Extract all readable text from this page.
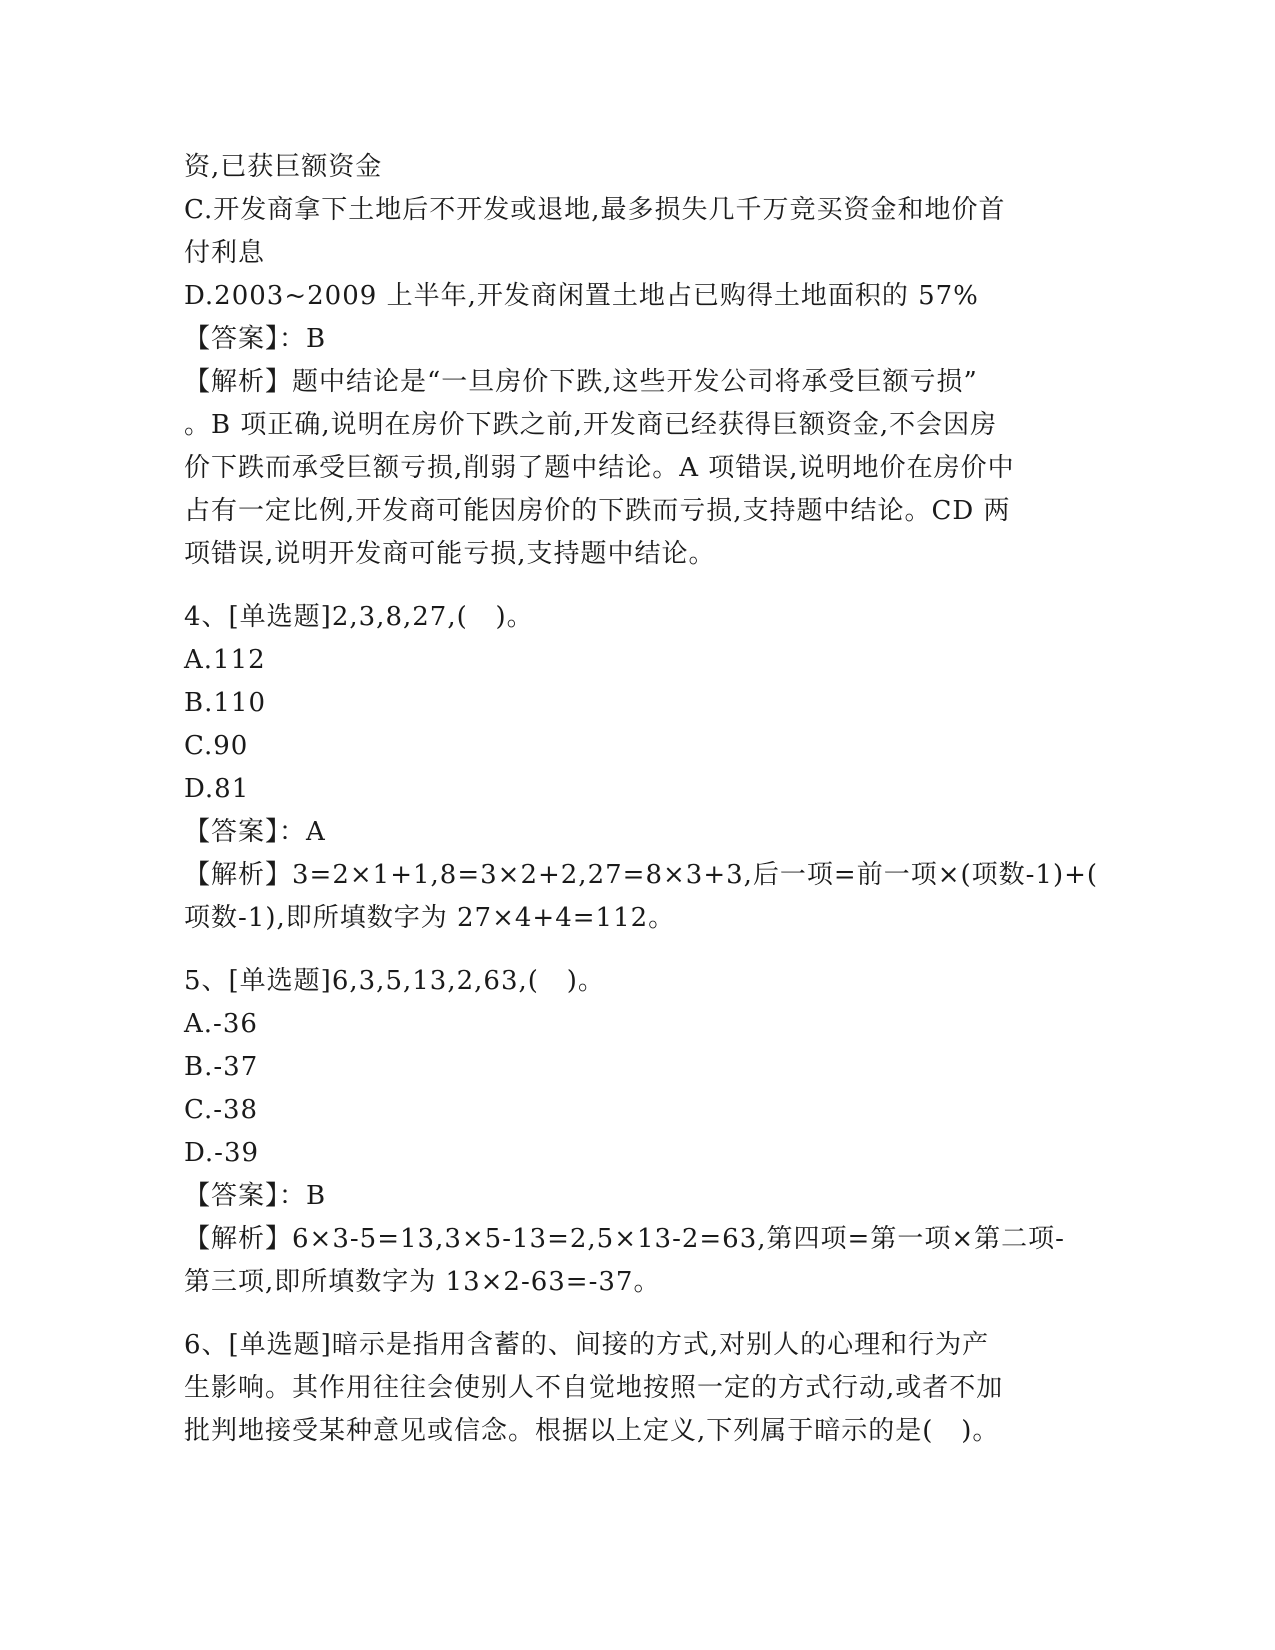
资,已获巨额资金
C.开发商拿下土地后不开发或退地,最多损失几千万竞买资金和地价首
付利息
D.2003~2009 上半年,开发商闲置土地占已购得土地面积的 57%
【答案】：B
【解析】题中结论是“一旦房价下跌,这些开发公司将承受巨额亏损”
。B 项正确,说明在房价下跌之前,开发商已经获得巨额资金,不会因房
价下跌而承受巨额亏损,削弱了题中结论。A 项错误,说明地价在房价中
占有一定比例,开发商可能因房价的下跌而亏损,支持题中结论。CD 两
项错误,说明开发商可能亏损,支持题中结论。
4、[单选题]2,3,8,27,(   )。
A.112
B.110
C.90
D.81
【答案】：A
【解析】3=2×1+1,8=3×2+2,27=8×3+3,后一项=前一项×(项数-1)+(
项数-1),即所填数字为 27×4+4=112。
5、[单选题]6,3,5,13,2,63,(   )。
A.-36
B.-37
C.-38
D.-39
【答案】：B
【解析】6×3-5=13,3×5-13=2,5×13-2=63,第四项=第一项×第二项-
第三项,即所填数字为 13×2-63=-37。
6、[单选题]暗示是指用含蓄的、间接的方式,对别人的心理和行为产
生影响。其作用往往会使别人不自觉地按照一定的方式行动,或者不加
批判地接受某种意见或信念。根据以上定义,下列属于暗示的是(   )。
